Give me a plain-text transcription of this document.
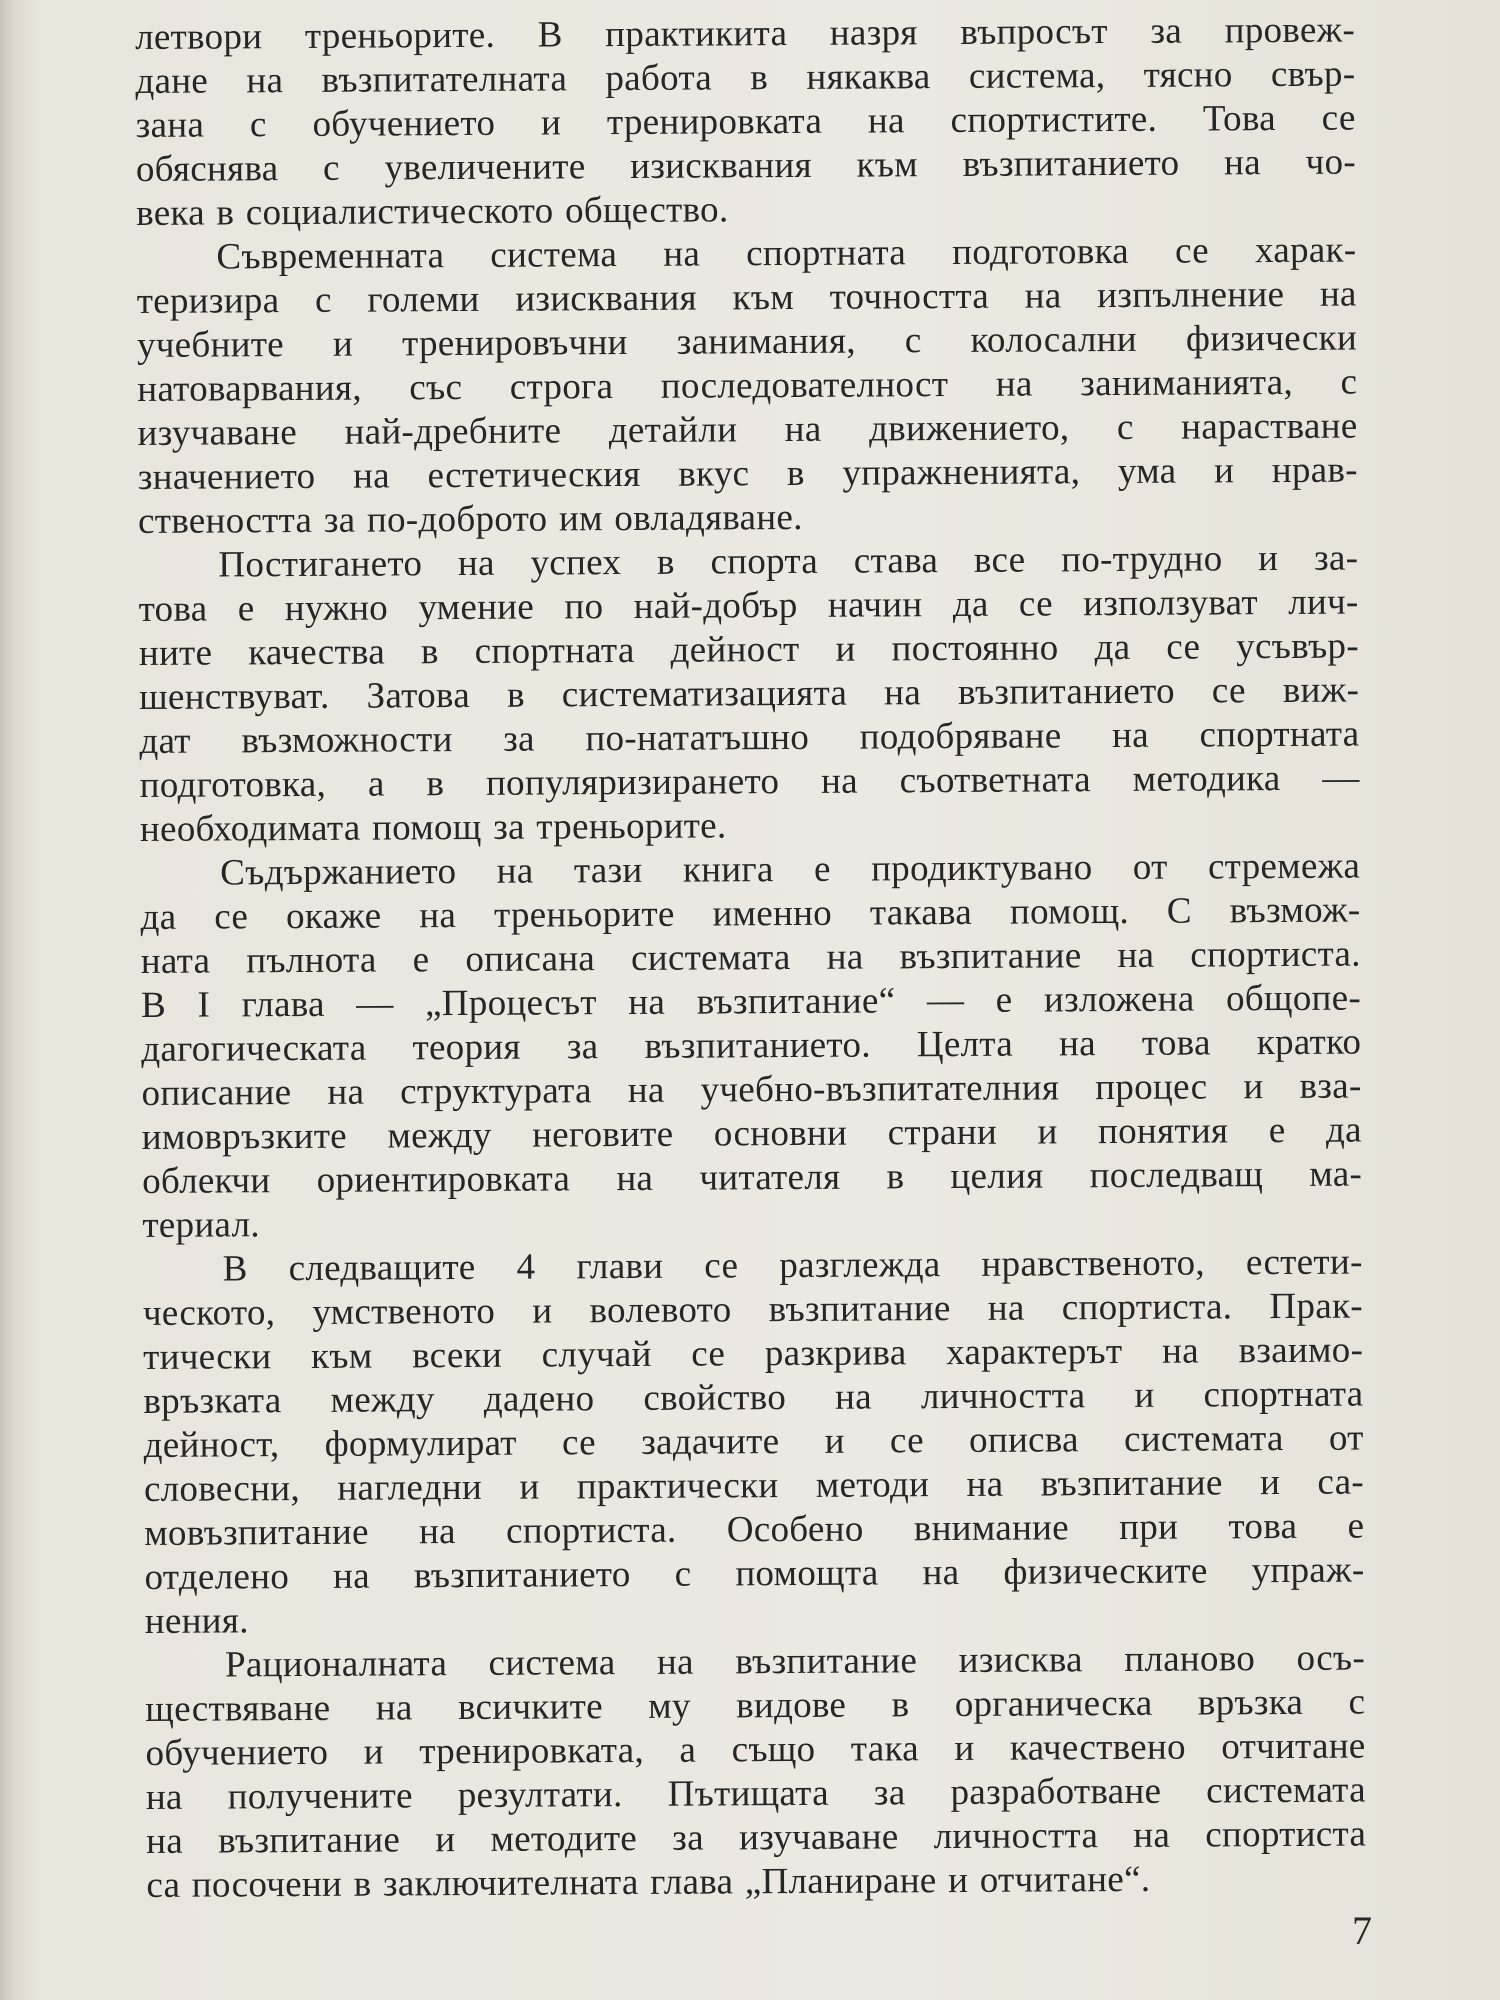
летвори треньорите. В практикита назря въпросът за провеж-
дане на възпитателната работа в някаква система, тясно свър-
зана с обучението и тренировката на спортистите. Това се
обяснява с увеличените изисквания към възпитанието на чо-
века в социалистическото общество.
Съвременната система на спортната подготовка се харак-
теризира с големи изисквания към точността на изпълнение на
учебните и тренировъчни занимания, с колосални физически
натоварвания, със строга последователност на заниманията, с
изучаване най-дребните детайли на движението, с нарастване
значението на естетическия вкус в упражненията, ума и нрав-
ствеността за по-доброто им овладяване.
Постигането на успех в спорта става все по-трудно и за-
това е нужно умение по най-добър начин да се използуват лич-
ните качества в спортната дейност и постоянно да се усъвър-
шенствуват. Затова в систематизацията на възпитанието се виж-
дат възможности за по-нататъшно подобряване на спортната
подготовка, а в популяризирането на съответната методика —
необходимата помощ за треньорите.
Съдържанието на тази книга е продиктувано от стремежа
да се окаже на треньорите именно такава помощ. С възмож-
ната пълнота е описана системата на възпитание на спортиста.
В I глава — „Процесът на възпитание“ — е изложена общопе-
дагогическата теория за възпитанието. Целта на това кратко
описание на структурата на учебно-възпитателния процес и вза-
имовръзките между неговите основни страни и понятия е да
облекчи ориентировката на читателя в целия последващ ма-
териал.
В следващите 4 глави се разглежда нравственото, естети-
ческото, умственото и волевото възпитание на спортиста. Прак-
тически към всеки случай се разкрива характерът на взаимо-
връзката между дадено свойство на личността и спортната
дейност, формулират се задачите и се описва системата от
словесни, нагледни и практически методи на възпитание и са-
мовъзпитание на спортиста. Особено внимание при това е
отделено на възпитанието с помощта на физическите упраж-
нения.
Рационалната система на възпитание изисква планово осъ-
ществяване на всичките му видове в органическа връзка с
обучението и тренировката, а също така и качествено отчитане
на получените резултати. Пътищата за разработване системата
на възпитание и методите за изучаване личността на спортиста
са посочени в заключителната глава „Планиране и отчитане“.
7
